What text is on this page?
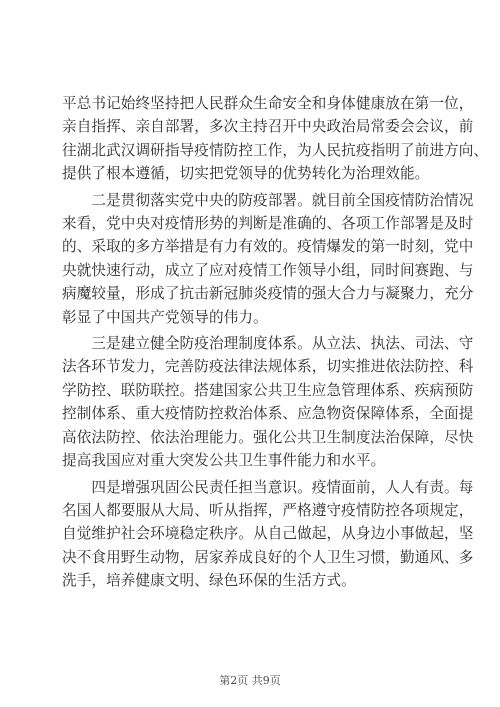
平总书记始终坚持把人民群众生命安全和身体健康放在第一位，
亲自指挥、亲自部署，多次主持召开中央政治局常委会会议，前
往湖北武汉调研指导疫情防控工作，为人民抗疫指明了前进方向、
提供了根本遵循，切实把党领导的优势转化为治理效能。
　　二是贯彻落实党中央的防疫部署。就目前全国疫情防治情况
来看，党中央对疫情形势的判断是准确的、各项工作部署是及时
的、采取的多方举措是有力有效的。疫情爆发的第一时刻，党中
央就快速行动，成立了应对疫情工作领导小组，同时间赛跑、与
病魔较量，形成了抗击新冠肺炎疫情的强大合力与凝聚力，充分
彰显了中国共产党领导的伟力。
　　三是建立健全防疫治理制度体系。从立法、执法、司法、守
法各环节发力，完善防疫法律法规体系，切实推进依法防控、科
学防控、联防联控。搭建国家公共卫生应急管理体系、疾病预防
控制体系、重大疫情防控救治体系、应急物资保障体系，全面提
高依法防控、依法治理能力。强化公共卫生制度法治保障，尽快
提高我国应对重大突发公共卫生事件能力和水平。
　　四是增强巩固公民责任担当意识。疫情面前，人人有责。每
名国人都要服从大局、听从指挥，严格遵守疫情防控各项规定，
自觉维护社会环境稳定秩序。从自己做起，从身边小事做起，坚
决不食用野生动物，居家养成良好的个人卫生习惯，勤通风、多
洗手，培养健康文明、绿色环保的生活方式。
第2页 共9页
